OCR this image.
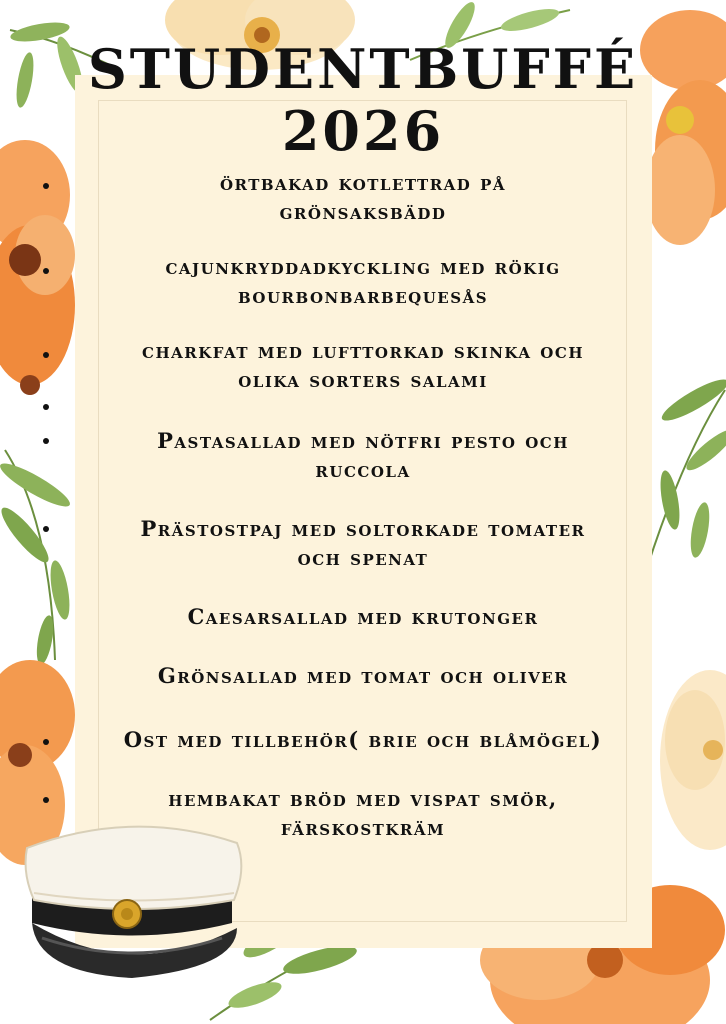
STUDENTBUFFÉ
2026
örtbakad kotlettrad på
grönsaksbädd
cajunkryddadkyckling med rökig
bourbonbarbequesås
charkfat med lufttorkad skinka och
olika sorters salami
Pastasallad med nötfri pesto och
ruccola
Prästostpaj med soltorkade tomater
och spenat
Caesarsallad med krutonger
Grönsallad med tomat och oliver
Ost med tillbehör( brie och blåmögel)
hembakat bröd med vispat smör,
färskostkräm
